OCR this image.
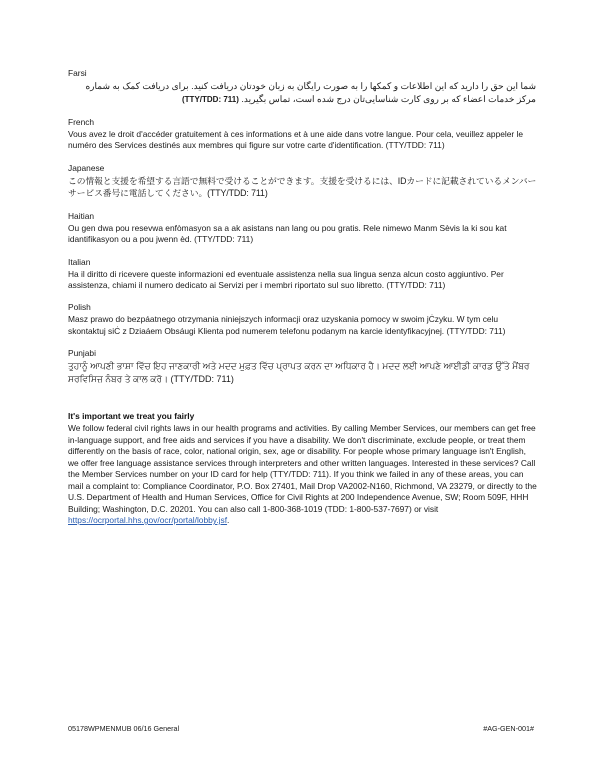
Farsi
شما این حق را دارید که این اطلاعات و کمکها را به صورت رایگان به زبان خودتان دریافت کنید. برای دریافت کمک به شماره مرکز خدمات اعضاء که بر روی کارت شناسایی‌تان درج شده است، تماس بگیرید. (TTY/TDD: 711)
French
Vous avez le droit d'accéder gratuitement à ces informations et à une aide dans votre langue. Pour cela, veuillez appeler le numéro des Services destinés aux membres qui figure sur votre carte d'identification. (TTY/TDD: 711)
Japanese
この情報と支援を希望する言語で無料で受けることができます。支援を受けるには、IDカードに記載されているメンバーサービス番号に電話してください。(TTY/TDD: 711)
Haitian
Ou gen dwa pou resevwa enfòmasyon sa a ak asistans nan lang ou pou gratis. Rele nimewo Manm Sèvis la ki sou kat idantifikasyon ou a pou jwenn èd. (TTY/TDD: 711)
Italian
Ha il diritto di ricevere queste informazioni ed eventuale assistenza nella sua lingua senza alcun costo aggiuntivo. Per assistenza, chiami il numero dedicato ai Servizi per i membri riportato sul suo libretto. (TTY/TDD: 711)
Polish
Masz prawo do bezpáatnego otrzymania niniejszych informacji oraz uzyskania pomocy w swoim jĊzyku. W tym celu skontaktuj siĊ z Dziaáem Obsáugi Klienta pod numerem telefonu podanym na karcie identyfikacyjnej. (TTY/TDD: 711)
Punjabi
ਤੁਹਾਨੂੰ ਆਪਣੀ ਭਾਸ਼ਾ ਵਿੱਚ ਇਹ ਜਾਣਕਾਰੀ ਅਤੇ ਮਦਦ ਮੁਫ਼ਤ ਵਿੱਚ ਪ੍ਰਾਪਤ ਕਰਨ ਦਾ ਅਧਿਕਾਰ ਹੈ। ਮਦਦ ਲਈ ਆਪਣੇ ਆਈਡੀ ਕਾਰਡ ਉੱਤੇ ਮੈਂਬਰ ਸਰਵਿਸਿਜ਼ ਨੰਬਰ ਤੇ ਕਾਲ ਕਰੋ। (TTY/TDD: 711)
It's important we treat you fairly
We follow federal civil rights laws in our health programs and activities. By calling Member Services, our members can get free in-language support, and free aids and services if you have a disability. We don't discriminate, exclude people, or treat them differently on the basis of race, color, national origin, sex, age or disability. For people whose primary language isn't English, we offer free language assistance services through interpreters and other written languages. Interested in these services? Call the Member Services number on your ID card for help (TTY/TDD: 711). If you think we failed in any of these areas, you can mail a complaint to: Compliance Coordinator, P.O. Box 27401, Mail Drop VA2002-N160, Richmond, VA 23279, or directly to the U.S. Department of Health and Human Services, Office for Civil Rights at 200 Independence Avenue, SW; Room 509F, HHH Building; Washington, D.C. 20201. You can also call 1-800-368-1019 (TDD: 1-800-537-7697) or visit https://ocrportal.hhs.gov/ocr/portal/lobby.jsf.
05178WPMENMUB 06/16 General	#AG-GEN-001#
